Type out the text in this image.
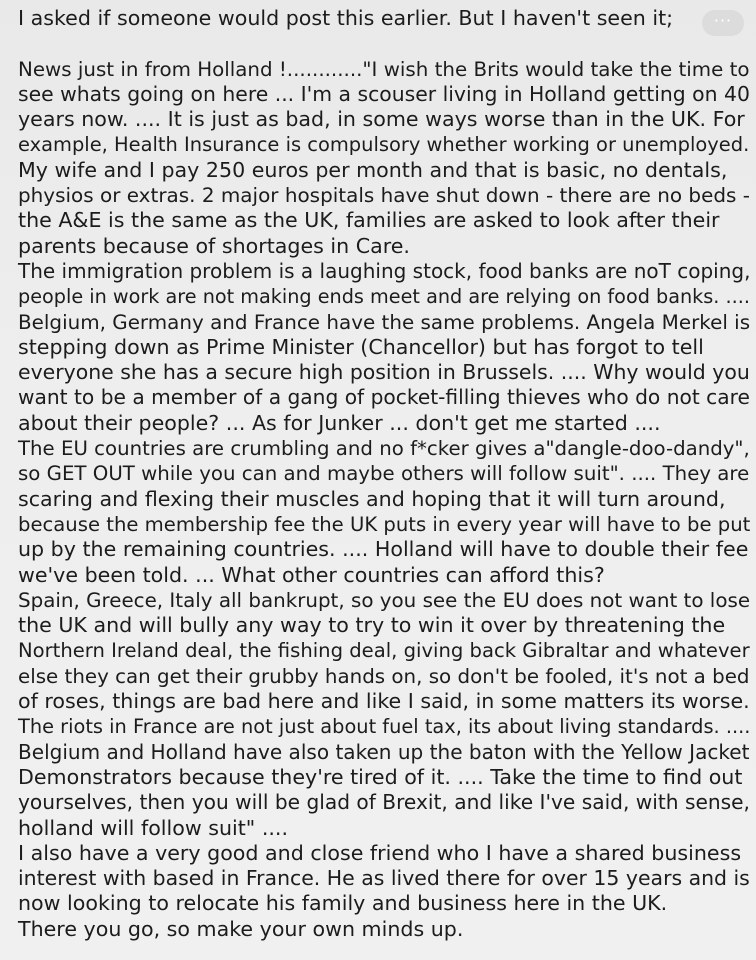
I asked if someone would post this earlier. But I haven't seen it;
News just in from Holland !............"I wish the Brits would take the time to
see whats going on here ... I'm a scouser living in Holland getting on 40
years now. .... It is just as bad, in some ways worse than in the UK. For
example, Health Insurance is compulsory whether working or unemployed.
My wife and I pay 250 euros per month and that is basic, no dentals,
physios or extras. 2 major hospitals have shut down - there are no beds -
the A&E is the same as the UK, families are asked to look after their
parents because of shortages in Care.
The immigration problem is a laughing stock, food banks are noT coping,
people in work are not making ends meet and are relying on food banks. ....
Belgium, Germany and France have the same problems. Angela Merkel is
stepping down as Prime Minister (Chancellor) but has forgot to tell
everyone she has a secure high position in Brussels. .... Why would you
want to be a member of a gang of pocket-filling thieves who do not care
about their people? ... As for Junker ... don't get me started ....
The EU countries are crumbling and no f*cker gives a"dangle-doo-dandy",
so GET OUT while you can and maybe others will follow suit". .... They are
scaring and flexing their muscles and hoping that it will turn around,
because the membership fee the UK puts in every year will have to be put
up by the remaining countries. .... Holland will have to double their fee
we've been told. ... What other countries can afford this?
Spain, Greece, Italy all bankrupt, so you see the EU does not want to lose
the UK and will bully any way to try to win it over by threatening the
Northern Ireland deal, the fishing deal, giving back Gibraltar and whatever
else they can get their grubby hands on, so don't be fooled, it's not a bed
of roses, things are bad here and like I said, in some matters its worse.
The riots in France are not just about fuel tax, its about living standards. ....
Belgium and Holland have also taken up the baton with the Yellow Jacket
Demonstrators because they're tired of it. .... Take the time to find out
yourselves, then you will be glad of Brexit, and like I've said, with sense,
holland will follow suit" ....
I also have a very good and close friend who I have a shared business
interest with based in France. He as lived there for over 15 years and is
now looking to relocate his family and business here in the UK.
There you go, so make your own minds up.
···
